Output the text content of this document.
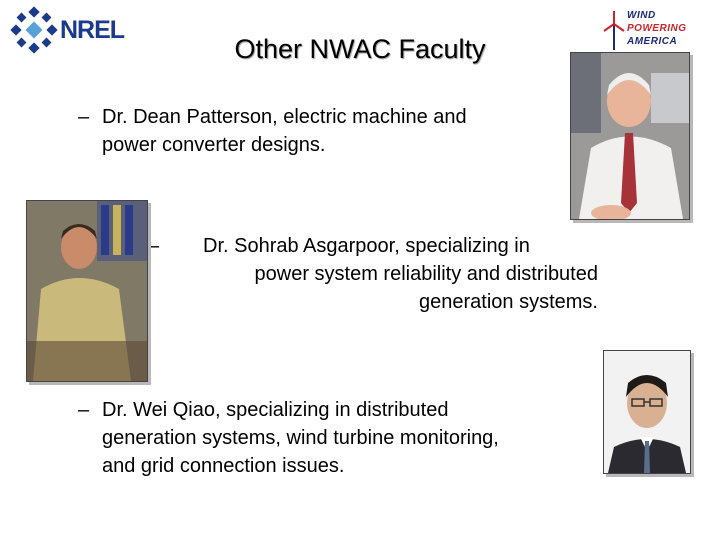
NREL
WIND
POWERING
AMERICA
Other NWAC Faculty
– Dr. Dean Patterson, electric machine and
power converter designs.
–	Dr. Sohrab Asgarpoor, specializing in
power system reliability and distributed
generation systems.
– Dr. Wei Qiao, specializing in distributed
generation systems, wind turbine monitoring,
and grid connection issues.
